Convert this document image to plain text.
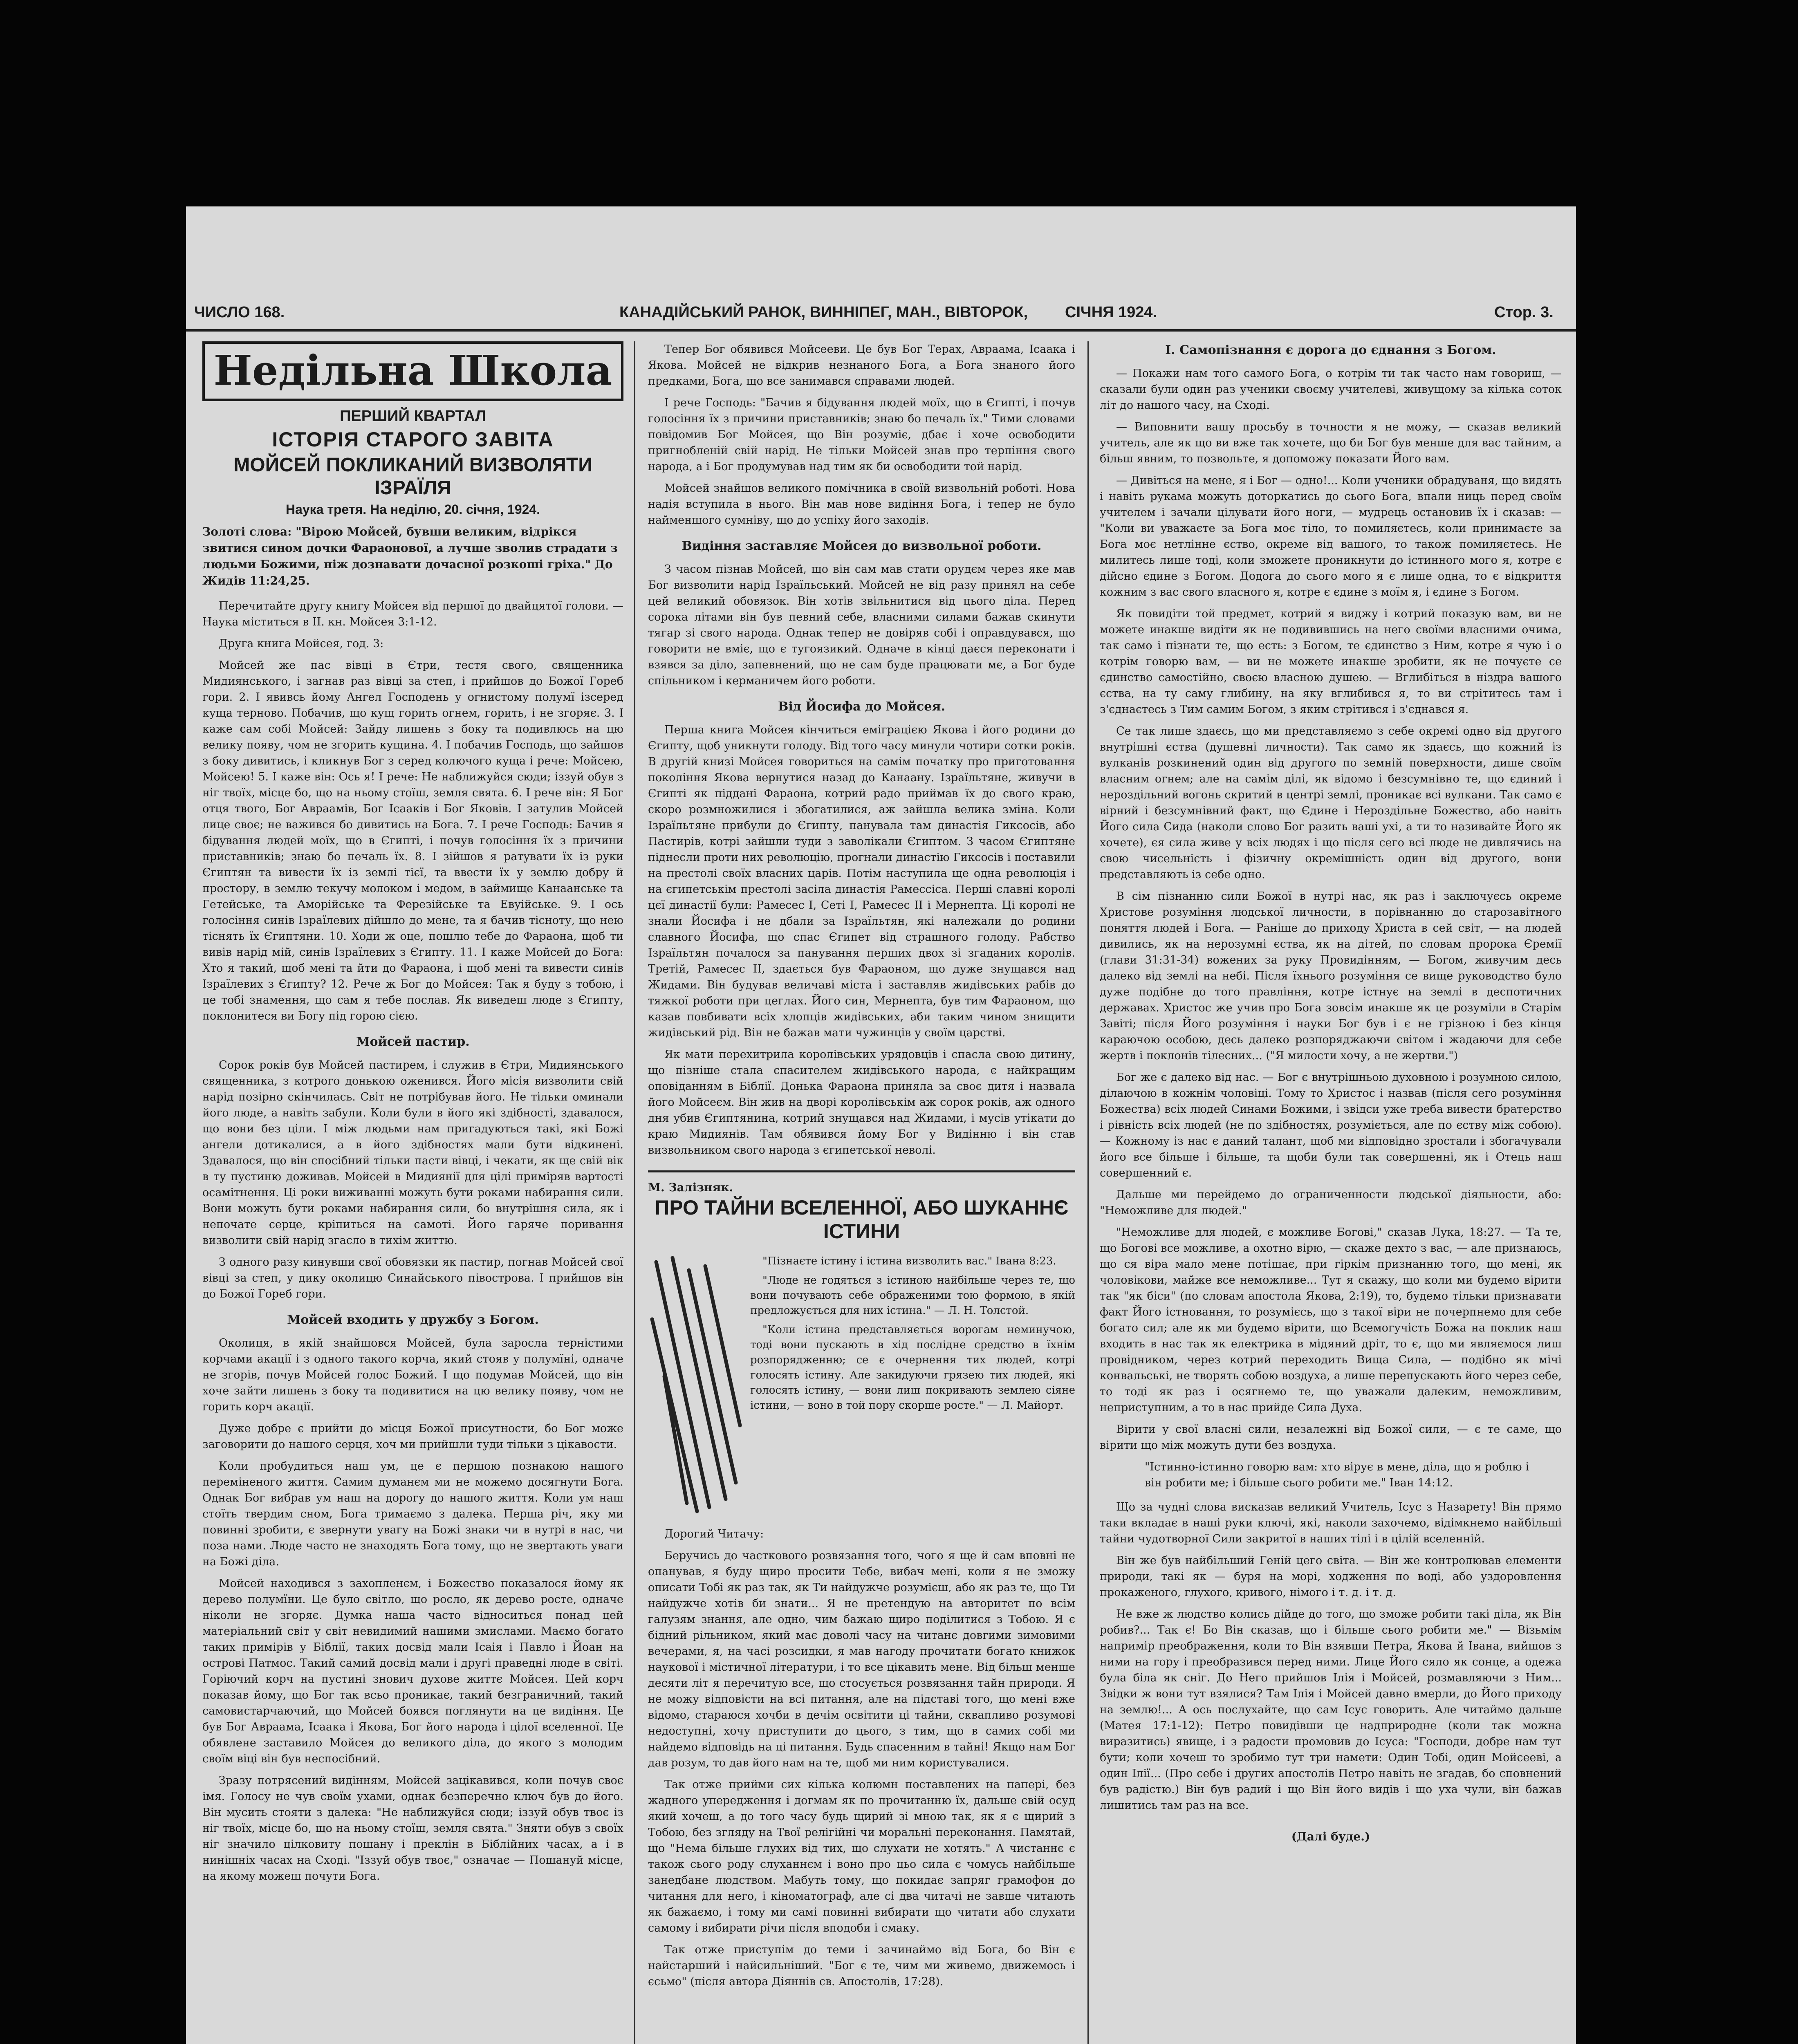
ЧИСЛО 168.	КАНАДІЙСЬКИЙ РАНОК, ВИННІПЕГ, МАН., ВІВТОРОК, СІЧНЯ 1924.	Стор. 3.
Недільна Школа
ПЕРШИЙ КВАРТАЛ
ІСТОРІЯ СТАРОГО ЗАВІТА
МОЙСЕЙ ПОКЛИКАНИЙ ВИЗВОЛЯТИ ІЗРАЇЛЯ
Наука третя. На неділю, 20. січня, 1924.
Золоті слова: "Вірою Мойсей, бувши великим, відрікся звитися сином дочки Фараонової, а лучше зволив страдати з людьми Божими, ніж дознавати дочасної розкоші гріха." До Жидів 11:24,25.

Перечитайте другу книгу Мойсея від першої до двайцятої голови. — Наука міститься в II. кн. Мойсея 3:1-12.

Друга книга Мойсея, год. 3:

Мойсей же пас вівці в Єтри, тестя свого, священника Мидиянського, і загнав раз вівці за степ, і прийшов до Божої Гореб гори. 2. І явивсь йому Ангел Господень у огнистому полумї ізсеред куща терново. Побачив, що кущ горить огнем, горить, і не згоряє. 3. І каже сам собі Мойсей: Зайду лишень з боку та подивлюсь на цю велику появу, чом не згорить кущина. 4. І побачив Господь, що зайшов з боку дивитись, і кликнув Бог з серед колючого куща і рече: Мойсею, Мойсею! 5. І каже він: Ось я! І рече: Не наближуйся сюди; іззуй обув з ніг твоїх, місце бо, що на ньому стоїш, земля свята. 6. І рече він: Я Бог отця твого, Бог Авраамів, Бог Ісааків і Бог Яковів. І затулив Мойсей лице своє; не важився бо дивитись на Бога. 7. І рече Господь: Бачив я бідування людей моїх, що в Єгипті, і почув голосіння їх з причини приставників; знаю бо печаль їх. 8. І зійшов я ратувати їх із руки Єгиптян та вивести їх із землі тієї, та ввести їх у землю добру й простору, в землю текучу молоком і медом, в займище Канаанське та Гетейське, та Аморійське та Ферезійське та Евуійське. 9. І ось голосіння синів Ізраїлевих дійшло до мене, та я бачив тісноту, що нею тіснять їх Єгиптяни. 10. Ходи ж оце, пошлю тебе до Фараона, щоб ти вивів нарід мій, синів Ізраїлевих з Єгипту. 11. І каже Мойсей до Бога: Хто я такий, щоб мені та йти до Фараона, і щоб мені та вивести синів Ізраїлевих з Єгипту? 12. Рече ж Бог до Мойсея: Так я буду з тобою, і це тобі знамення, що сам я тебе послав. Як виведеш люде з Єгипту, поклонитеся ви Богу під горою сією.

Мойсей пастир.

Сорок років був Мойсей пастирем, і служив в Єтри, Мидиянського священника, з котрого донькою оженився. Його місія визволити свій нарід позірно скінчилась. Світ не потрібував його. Не тільки оминали його люде, а навіть забули. Коли були в його які здібності, здавалося, що вони без ціли. І між людьми нам пригадуються такі, які Божі ангели дотикалися, а в його здібностях мали бути відкинені. Здавалося, що він спосібний тільки пасти вівці, і чекати, як ще свій вік в ту пустиню доживав. Мойсей в Мидиянії для цілі приміряв вартості осамітнення. Ці роки виживанні можуть бути роками набирання сили. Вони можуть бути роками набирання сили, бо внутрішня сила, як і непочате серце, кріпиться на самоті. Його гаряче поривання визволити свій нарід згасло в тихім життю.

З одного разу кинувши свої обовязки як пастир, погнав Мойсей свої вівці за степ, у дику околицю Синайського півострова. І прийшов він до Божої Гореб гори.

Мойсей входить у дружбу з Богом.

Околиця, в якій знайшовся Мойсей, була заросла терністими корчами акації і з одного такого корча, який стояв у полумїні, одначе не згорів, почув Мойсей голос Божий. І що подумав Мойсей, що він хоче зайти лишень з боку та подивитися на цю велику появу, чом не горить корч акації.

Дуже добре є прийти до місця Божої присутности, бо Бог може заговорити до нашого серця, хоч ми прийшли туди тільки з цікавости.

Коли пробудиться наш ум, це є першою познакою нашого переміненого життя. Самим думанєм ми не можемо досягнути Бога. Однак Бог вибрав ум наш на дорогу до нашого життя. Коли ум наш стоїть твердим сном, Бога тримаємо з далека. Перша річ, яку ми повинні зробити, є звернути увагу на Божі знаки чи в нутрі в нас, чи поза нами. Люде часто не знаходять Бога тому, що не звертають уваги на Божі діла.

Мойсей находився з захопленєм, і Божество показалося йому як дерево полумїни. Це було світло, що росло, як дерево росте, одначе ніколи не згоряє. Думка наша часто відноситься понад цей матеріальний світ у світ невидимий нашими змислами. Маємо богато таких примірів у Біблії, таких досвід мали Ісаія і Павло і Йоан на острові Патмос. Такий самий досвід мали і другі праведні люде в світі. Горіючий корч на пустині знович духове життє Мойсея. Цей корч показав йому, що Бог так всьо проникає, такий безграничний, такий самовистарчаючий, що Мойсей боявся поглянути на це видіння. Це був Бог Авраама, Ісаака і Якова, Бог його народа і цілої вселенної. Це обявлене заставило Мойсея до великого діла, до якого з молодим своїм віці він був неспосібний.

Зразу потрясений видінням, Мойсей зацікавився, коли почув своє імя. Голосу не чув своїм ухами, однак безперечно ключ був до його. Він мусить стояти з далека: "Не наближуйся сюди; іззуй обув твоє із ніг твоїх, місце бо, що на ньому стоїш, земля свята." Зняти обув з своїх ніг значило цілковиту пошану і преклін в Біблійних часах, а і в нинішніх часах на Сході. "Іззуй обув твоє," означає — Пошануй місце, на якому можеш почути Бога.

Тепер Бог обявився Мойсееви. Це був Бог Терах, Авраама, Ісаака і Якова. Мойсей не відкрив незнаного Бога, а Бога знаного його предками, Бога, що все занимався справами людей.

І рече Господь: "Бачив я бідування людей моїх, що в Єгипті, і почув голосіння їх з причини приставників; знаю бо печаль їх." Тими словами повідомив Бог Мойсея, що Він розуміє, дбає і хоче освободити пригнобленій свій нарід. Не тільки Мойсей знав про терпіння свого народа, а і Бог продумував над тим як би освободити той нарід.

Мойсей знайшов великого помічника в своїй визвольній роботі. Нова надія вступила в нього. Він мав нове видіння Бога, і тепер не було найменшого сумніву, що до успіху його заходів.

Видіння заставляє Мойсея до визвольної роботи.

З часом пізнав Мойсей, що він сам мав стати орудєм через яке мав Бог визволити нарід Ізраїльський. Мойсей не від разу принял на себе цей великий обовязок. Він хотів звільнитися від цього діла. Перед сорока літами він був певний себе, власними силами бажав скинути тягар зі свого народа. Однак тепер не довіряв собі і оправдувався, що говорити не вміє, що є тугоязикий. Одначе в кінці даєся переконати і взявся за діло, запевнений, що не сам буде працювати мє, а Бог буде спільником і керманичем його роботи.

Від Йосифа до Мойсея.

Перша книга Мойсея кінчиться еміграцією Якова і його родини до Єгипту, щоб уникнути голоду. Від того часу минули чотири сотки років. В другій книзі Мойсея говориться на самім початку про приготовання покоління Якова вернутися назад до Канаану. Ізраїльтяне, живучи в Єгипті як піддані Фараона, котрий радо приймав їх до свого краю, скоро розмножилися і збогатилися, аж зайшла велика зміна. Коли Ізраїльтяне прибули до Єгипту, панувала там династія Гиксосів, або Пастирів, котрі зайшли туди з заволікали Єгиптом. З часом Єгиптяне піднесли проти них революцію, прогнали династію Гиксосів і поставили на престолі своїх власних царів. Потім наступила ще одна революція і на єгипетськім престолі засіла династія Рамессіса. Перші славні королі цєї династії були: Рамесес I, Сеті I, Рамесес II і Мернепта. Ці королі не знали Йосифа і не дбали за Ізраїльтян, які належали до родини славного Йосифа, що спас Єгипет від страшного голоду. Рабство Ізраїльтян почалося за панування перших двох зі згаданих королів. Третій, Рамесес II, здається був Фараоном, що дуже знущався над Жидами. Він будував величаві міста і заставляв жидівських рабів до тяжкої роботи при цеглах. Його син, Мернепта, був тим Фараоном, що казав повбивати всіх хлопців жидівських, аби таким чином знищити жидівський рід. Він не бажав мати чужинців у своїм царстві.

Як мати перехитрила королівських урядовців і спасла свою дитину, що пізніше стала спасителем жидівського народа, є найкращим оповіданням в Біблії. Донька Фараона приняла за своє дитя і назвала його Мойсеєм. Він жив на дворі королівськім аж сорок років, аж одного дня убив Єгиптянина, котрий знущався над Жидами, і мусів утікати до краю Мидиянів. Там обявився йому Бог у Видінню і він став визвольником свого народа з єгипетської неволі.

М. Залізняк.
ПРО ТАЙНИ ВСЕЛЕННОЇ, АБО ШУКАННЄ ІСТИНИ

"Пізнаєте істину і істина визволить вас." Івана 8:23.

"Люде не годяться з істиною найбільше через те, що вони почувають себе ображеними тою формою, в якій предложується для них істина." — Л. Н. Толстой.

"Коли істина представляється ворогам неминучою, тоді вони пускають в хід послідне средство в їхнім розпорядженню; се є очернення тих людей, котрі голосять істину. Але закидуючи грязею тих людей, які голосять істину, — вони лиш покривають землею сіяне істини, — воно в той пору скорше росте." — Л. Майорт.

Дорогий Читачу:

Беручись до часткового розвязання того, чого я ще й сам вповні не опанував, я буду щиро просити Тебе, вибач мені, коли я не зможу описати Тобі як раз так, як Ти найдужче розумієш, або як раз те, що Ти найдужче хотів би знати... Я не претендую на авторитет по всім галузям знання, але одно, чим бажаю щиро поділитися з Тобою. Я є бідний рільником, який має доволі часу на читанє довгими зимовими вечерами, я, на часі розсидки, я мав нагоду прочитати богато книжок наукової і містичної літератури, і то все цікавить мене. Від більш менше десяти літ я перечитую все, що стосується розвязання тайн природи. Я не можу відповісти на всі питання, але на підставі того, що мені вже відомо, стараюся хочби в дечім освітити ці тайни, сквапливо розумові недоступні, хочу приступити до цього, з тим, що в самих собі ми найдемо відповідь на ці питання. Будь спасенним в тайні! Якщо нам Бог дав розум, то дав його нам на те, щоб ми ним користувалися.

Так отже прийми сих кілька колюмн поставлених на папері, без жадного упередження і догмам як по прочитанню їх, дальше свій осуд який хочеш, а до того часу будь щирий зі мною так, як я є щирий з Тобою, без згляду на Твої релігійні чи моральні переконання. Памятай, що "Нема більше глухих від тих, що слухати не хотять." А чистаннє є також сього роду слуханнєм і воно про цьо сила є чомусь найбільше занедбане людством. Мабуть тому, що покидає запряг грамофон до читання для него, і кіноматограф, але сі два читачі не завше читають як бажаємо, і тому ми самі повинні вибирати що читати або слухати самому і вибирати річи після вподоби і смаку.

Так отже приступім до теми і зачинаймо від Бога, бо Він є найстарший і найсильніший. "Бог є те, чим ми живемо, движемось і єсьмо" (після автора Діяннів св. Апостолів, 17:28).

I. Самопізнання є дорога до єднання з Богом.

— Покажи нам того самого Бога, о котрім ти так часто нам говориш, — сказали були один раз ученики своєму учителеві, живущому за кілька соток літ до нашого часу, на Сході.

— Виповнити вашу просьбу в точности я не можу, — сказав великий учитель, але як що ви вже так хочете, що би Бог був менше для вас тайним, а більш явним, то позвольте, я допоможу показати Його вам.

— Дивіться на мене, я і Бог — одно!... Коли ученики обрадуваня, що видять і навіть рукама можуть доторкатись до сього Бога, впали ниць перед своїм учителем і зачали цілувати його ноги, — мудрець остановив їх і сказав: — "Коли ви уважаєте за Бога моє тіло, то помиляєтесь, коли принимаєте за Бога моє нетлінне єство, окреме від вашого, то також помиляєтесь. Не милитесь лише тоді, коли зможете проникнути до істинного мого я, котре є дійсно єдине з Богом. Додога до сього мого я є лише одна, то є відкриття кожним з вас свого власного я, котре є єдине з моїм я, і єдине з Богом.

Як повидіти той предмет, котрий я виджу і котрий показую вам, ви не можете инакше видіти як не подивившись на него своїми власними очима, так само і пізнати те, що есть: з Богом, те єдинство з Ним, котре я чую і о котрім говорю вам, — ви не можете инакше зробити, як не почуєте се єдинство самостійно, своєю власною душею. — Вглибіться в ніздра вашого єства, на ту саму глибину, на яку вглибився я, то ви стрітитесь там і з'єднаєтесь з Тим самим Богом, з яким стрітився і з'єднався я.

Се так лише здаєсь, що ми представляємо з себе окремі одно від другого внутрішні єства (душевні личности). Так само як здаєсь, що кожний із вулканів розкинений один від другого по земній поверхности, дише своїм власним огнем; але на самім ділі, як відомо і безсумнівно те, що єдиний і нероздільний вогонь скритий в центрі землі, проникає всі вулкани. Так само є вірний і безсумнівний факт, що Єдине і Нероздільне Божество, або навіть Його сила Сида (наколи слово Бог разить ваші ухі, а ти то називайте Його як хочете), єя сила живе у всіх людях і що після сего всі люде не дивлячись на свою чисельність і фізичну окремішність один від другого, вони представляють із себе одно.

В сім пізнанню сили Божої в нутрі нас, як раз і заключуєсь окреме Христове розуміння людської личности, в порівнанню до старозавітного поняття людей і Бога. — Раніше до приходу Христа в сей світ, — на людей дивились, як на нерозумні єства, як на дітей, по словам пророка Єремії (глави 31:31-34) вожених за руку Провидінням, — Богом, живучим десь далеко від землі на небі. Після їхнього розуміння се вище руководство було дуже подібне до того правління, котре істнує на землі в деспотичних державах. Христос же учив про Бога зовсім инакше як це розуміли в Старім Завіті; після Його розуміння і науки Бог був і є не грізною і без кінця караючою особою, десь далеко розпоряджаючи світом і жадаючи для себе жертв і поклонів тілесних... ("Я милости хочу, а не жертви.")

Бог же є далеко від нас. — Бог є внутрішньою духовною і розумною силою, ділаючою в кожнім чоловіці. Тому то Христос і назвав (після сего розуміння Божества) всіх людей Синами Божими, і звідси уже треба вивести братерство і рівність всіх людей (не по здібностях, розуміється, але по єству між собою). — Кожному із нас є даний талант, щоб ми відповідно зростали і збогачували його все більше і більше, та щоби були так совершенні, як і Отець наш совершенний є.

Дальше ми перейдемо до ограниченности людської діяльности, або: "Неможливе для людей."

"Неможливе для людей, є можливе Богові," сказав Лука, 18:27. — Та те, що Богові все можливе, а охотно вірю, — скаже дехто з вас, — але признаюсь, що ся віра мало мене потішає, при гіркім признанню того, що мені, як чоловікови, майже все неможливе... Тут я скажу, що коли ми будемо вірити так "як біси" (по словам апостола Якова, 2:19), то, будемо тільки признавати факт Його істновання, то розумієсь, що з такої віри не почерпнемо для себе богато сил; але як ми будемо вірити, що Всемогучість Божа на поклик наш входить в нас так як електрика в мідяний дріт, то є, що ми являємося лиш провідником, через котрий переходить Вища Сила, — подібно як мічі конвальські, не творять собою воздуха, а лише перепускають його через себе, то тоді як раз і осягнемо те, що уважали далеким, неможливим, неприступним, а то в нас прийде Сила Духа.

Вірити у свої власні сили, незалежні від Божої сили, — є те саме, що вірити що між можуть дути без воздуха.

"Істинно-істинно говорю вам: хто вірує в мене, діла, що я роблю і він робити ме; і більше сього робити ме." Іван 14:12.

Що за чудні слова висказав великий Учитель, Ісус з Назарету! Він прямо таки вкладає в наші руки ключі, які, наколи захочемо, відімкнемо найбільші тайни чудотворної Сили закритої в наших тілі і в цілій вселенній.

Він же був найбільший Геній цего світа. — Він же контролював елементи природи, такі як — буря на морі, ходження по воді, або уздоровлення прокаженого, глухого, кривого, німого і т. д. і т. д.

Не вже ж людство колись дійде до того, що зможе робити такі діла, як Він робив?... Так є! Бо Він сказав, що і більше сього робити ме." — Візьмім напримір преображення, коли то Він взявши Петра, Якова й Івана, вийшов з ними на гору і преобразився перед ними. Лице Його сяло як сонце, а одежа була біла як сніг. До Него прийшов Ілія і Мойсей, розмавляючи з Ним... Звідки ж вони тут взялися? Там Ілія і Мойсей давно вмерли, до Його приходу на землю!... А ось послухайте, що сам Ісус говорить. Але читаймо дальше (Матея 17:1-12): Петро повидівши це надприродне (коли так можна виразитись) явище, і з радости промовив до Ісуса: "Господи, добре нам тут бути; коли хочеш то зробимо тут три намети: Один Тобі, один Мойсееві, а один Ілії... (Про себе і других апостолів Петро навіть не згадав, бо сповнений був радістю.) Він був радий і що Він його видів і що уха чули, він бажав лишитись там раз на все.

(Далі буде.)
